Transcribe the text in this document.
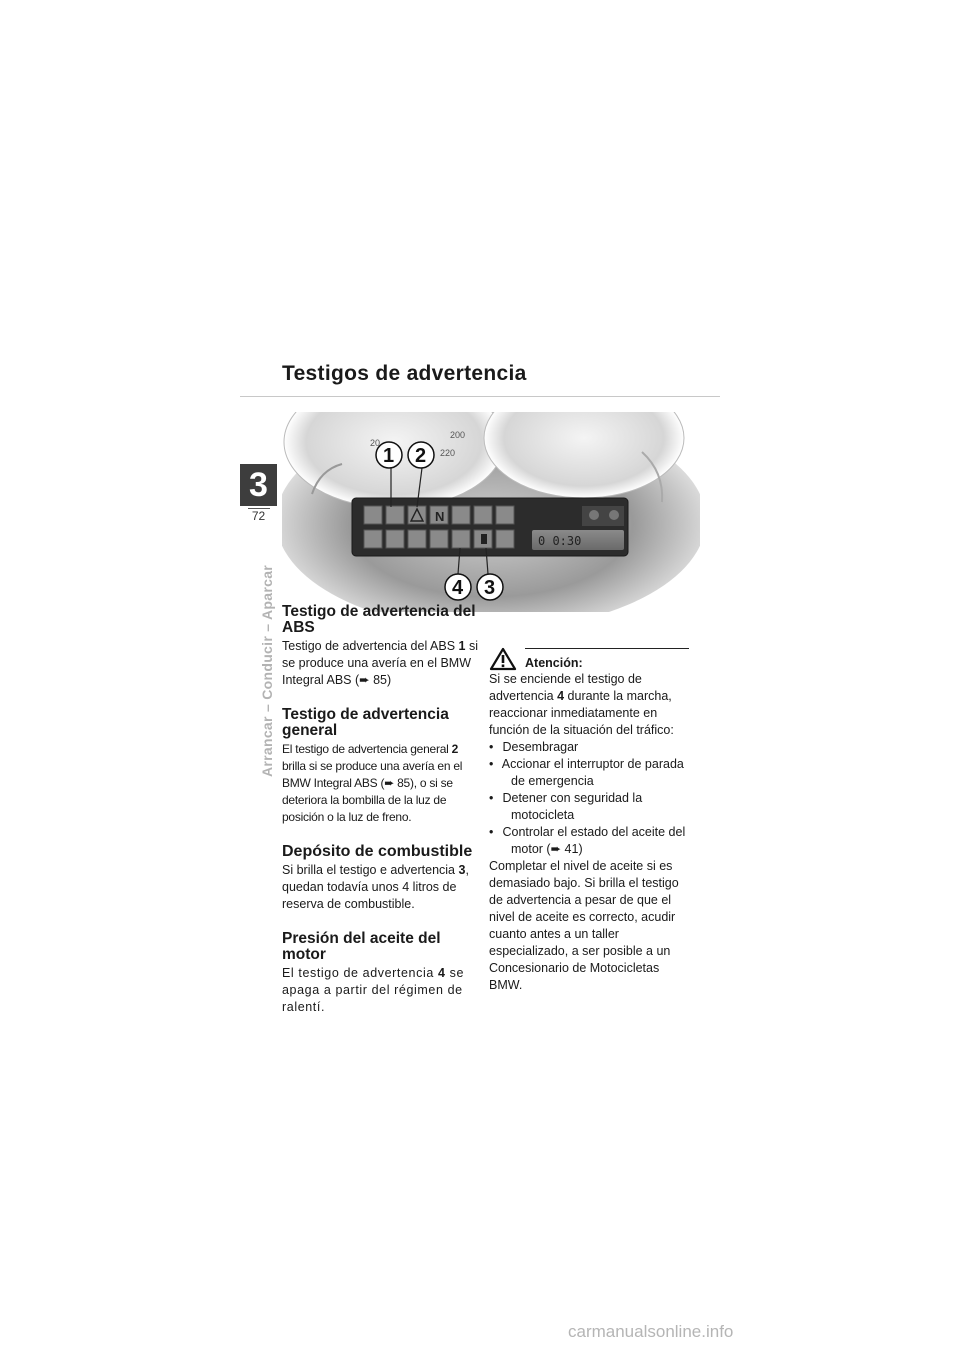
Testigos de advertencia
3
72
Arrancar – Conducir – Aparcar
20
200
220
0 0:30
N
1 2
4 3
Testigo de advertencia del ABS

Testigo de advertencia del ABS 1 si se produce una avería en el BMW Integral ABS (➨ 85)

Testigo de advertencia general

El testigo de advertencia general 2 brilla si se produce una avería en el BMW Integral ABS (➨ 85), o si se deteriora la bombilla de la luz de posición o la luz de freno.

Depósito de combustible

Si brilla el testigo e advertencia 3, quedan todavía unos 4 litros de reserva de combustible.

Presión del aceite del motor

El testigo de advertencia 4 se apaga a partir del régimen de ralentí.

Atención:

Si se enciende el testigo de advertencia 4 durante la marcha, reaccionar inmediatamente en función de la situación del tráfico:

• Desembragar
• Accionar el interruptor de parada de emergencia
• Detener con seguridad la motocicleta
• Controlar el estado del aceite del motor (➨ 41)

Completar el nivel de aceite si es demasiado bajo. Si brilla el testigo de advertencia a pesar de que el nivel de aceite es correcto, acudir cuanto antes a un taller especializado, a ser posible a un Concesionario de Motocicletas BMW.

carmanualsonline.info
